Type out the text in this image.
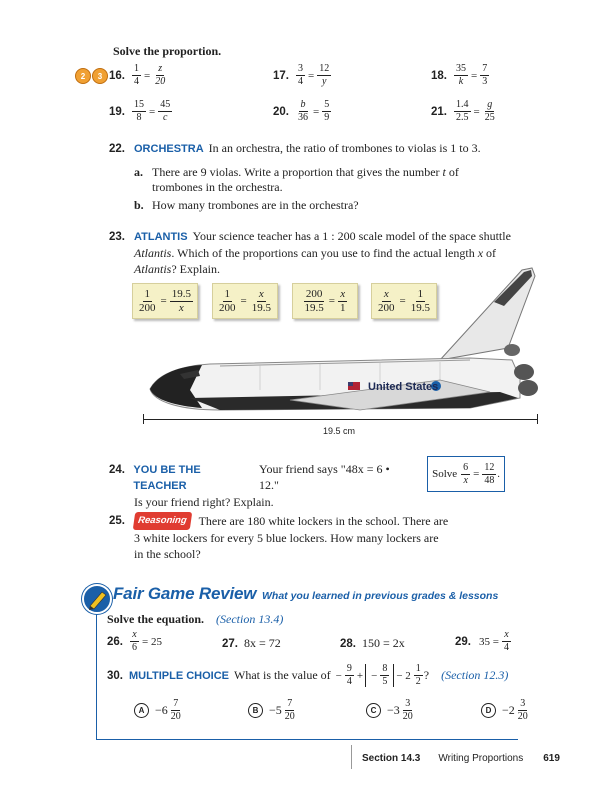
Solve the proportion.
2	3 16. $\frac{1}{4} = \frac{z}{20}$	17. $\frac{3}{4} = \frac{12}{y}$	18. $\frac{35}{k} = \frac{7}{3}$
19. $\frac{15}{8} = \frac{45}{c}$	20. $\frac{b}{36} = \frac{5}{9}$	21. $\frac{1.4}{2.5} = \frac{g}{25}$
22. ORCHESTRA In an orchestra, the ratio of trombones to violas is 1 to 3.
a. There are 9 violas. Write a proportion that gives the number t of
trombones in the orchestra.
b. How many trombones are in the orchestra?
23. ATLANTIS Your science teacher has a 1 : 200 scale model of the space shuttle
Atlantis. Which of the proportions can you use to find the actual length x of
Atlantis? Explain.
$\frac{1}{200} = \frac{19.5}{x} \frac{1}{200} = \frac{x}{19.5}$	$\frac{200}{19.5} = \frac{x}{1}$	$\frac{x}{200} = \frac{1}{19.5}$
United States
19.5 cm
24. YOU BE THE TEACHER
Your friend says "48x = 6 • 12."
Is your friend right? Explain.
Solve $\frac{6}{x} = \frac{12}{48}$ .
25.	Reasoning There are 180 white lockers in the school. There are
3 white lockers for every 5 blue lockers. How many lockers are
in the school?
Fair Game Review What you learned in previous grades & lessons
Solve the equation. (Section 13.4)
26. $\frac{x}{6} = 25$	27. 8x = 72	28. 150 = 2x	29. $35 = \frac{x}{4}$
30. MULTIPLE CHOICE What is the value of − $\frac{9}{4}$ + − $\frac{8}{5} - 2 \frac{1}{2}$ ? (Section 12.3)
$A -6 \frac{7}{20}$	$B -5 \frac{7}{20}$	$C -3 \frac{3}{20}$	$D -2 \frac{3}{20}$
Section 14.3 Writing Proportions 619
